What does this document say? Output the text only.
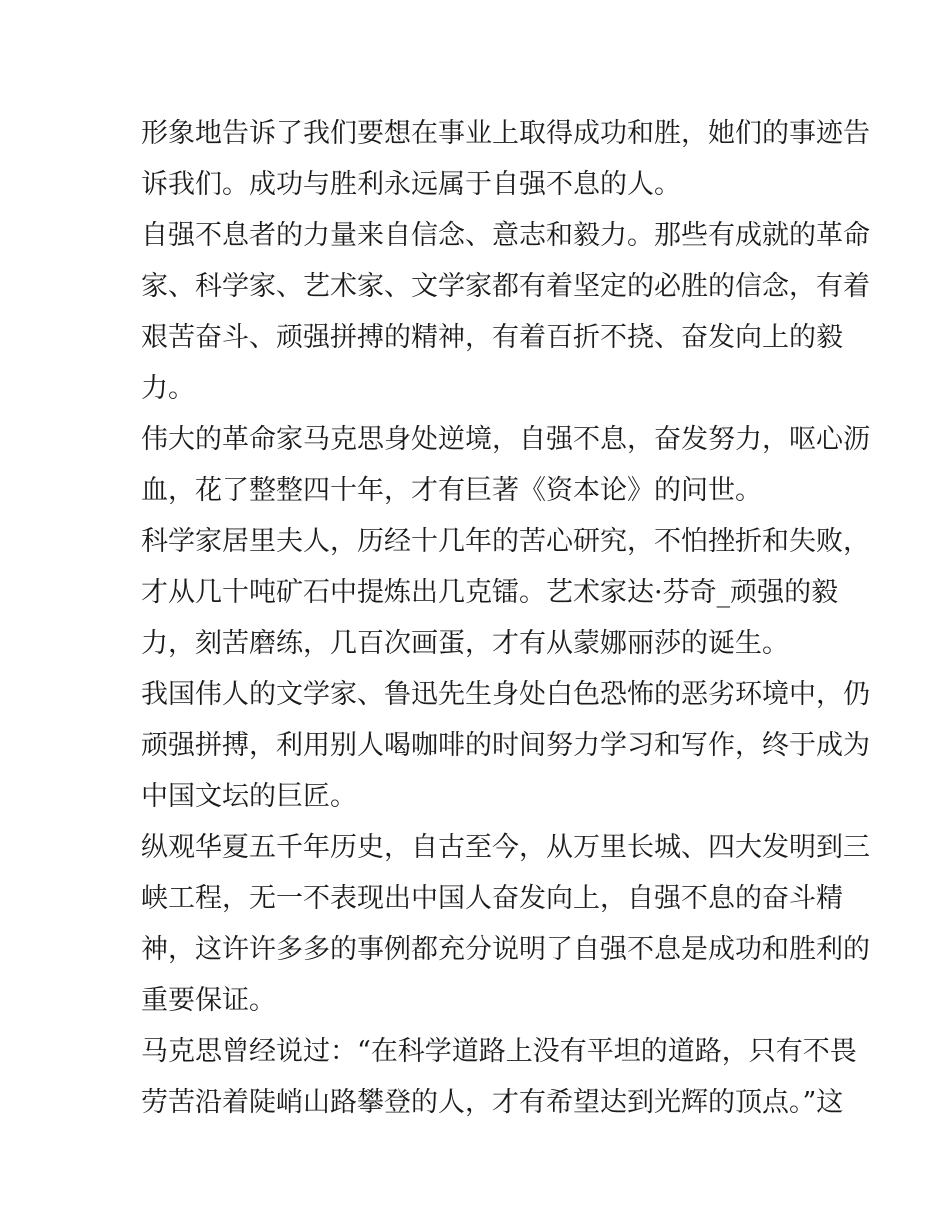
形象地告诉了我们要想在事业上取得成功和胜，她们的事迹告
诉我们。成功与胜利永远属于自强不息的人。
自强不息者的力量来自信念、意志和毅力。那些有成就的革命
家、科学家、艺术家、文学家都有着坚定的必胜的信念，有着
艰苦奋斗、顽强拼搏的精神，有着百折不挠、奋发向上的毅
力。
伟大的革命家马克思身处逆境，自强不息，奋发努力，呕心沥
血，花了整整四十年，才有巨著《资本论》的问世。
科学家居里夫人，历经十几年的苦心研究，不怕挫折和失败，
才从几十吨矿石中提炼出几克镭。艺术家达·芬奇_顽强的毅
力，刻苦磨练，几百次画蛋，才有从蒙娜丽莎的诞生。
我国伟人的文学家、鲁迅先生身处白色恐怖的恶劣环境中，仍
顽强拼搏，利用别人喝咖啡的时间努力学习和写作，终于成为
中国文坛的巨匠。
纵观华夏五千年历史，自古至今，从万里长城、四大发明到三
峡工程，无一不表现出中国人奋发向上，自强不息的奋斗精
神，这许许多多的事例都充分说明了自强不息是成功和胜利的
重要保证。
马克思曾经说过：“在科学道路上没有平坦的道路，只有不畏
劳苦沿着陡峭山路攀登的人，才有希望达到光辉的顶点。”这
